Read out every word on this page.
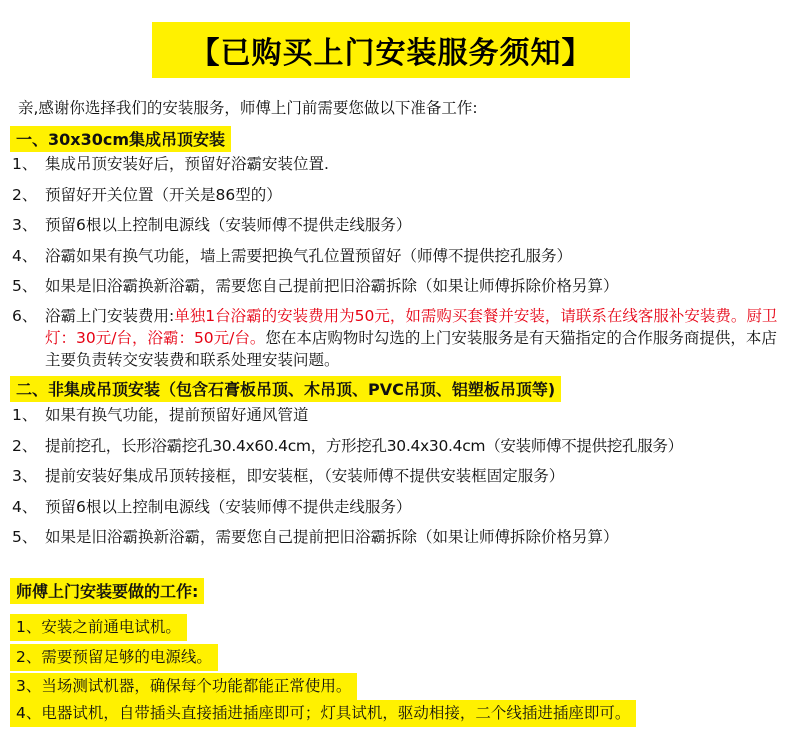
【已购买上门安装服务须知】
亲,感谢你选择我们的安装服务，师傅上门前需要您做以下准备工作:
一、30x30cm集成吊顶安装
1、 集成吊顶安装好后，预留好浴霸安装位置.
2、 预留好开关位置（开关是86型的）
3、 预留6根以上控制电源线（安装师傅不提供走线服务）
4、 浴霸如果有换气功能，墙上需要把换气孔位置预留好（师傅不提供挖孔服务）
5、 如果是旧浴霸换新浴霸，需要您自己提前把旧浴霸拆除（如果让师傅拆除价格另算）
6、 浴霸上门安装费用:单独1台浴霸的安装费用为50元，如需购买套餐并安装，请联系在线客服补安装费。厨卫灯：30元/台，浴霸：50元/台。您在本店购物时勾选的上门安装服务是有天猫指定的合作服务商提供，本店主要负责转交安装费和联系处理安装问题。
二、非集成吊顶安装（包含石膏板吊顶、木吊顶、PVC吊顶、铝塑板吊顶等)
1、 如果有换气功能，提前预留好通风管道
2、 提前挖孔，长形浴霸挖孔30.4x60.4cm，方形挖孔30.4x30.4cm（安装师傅不提供挖孔服务）
3、 提前安装好集成吊顶转接框，即安装框，（安装师傅不提供安装框固定服务）
4、 预留6根以上控制电源线（安装师傅不提供走线服务）
5、 如果是旧浴霸换新浴霸，需要您自己提前把旧浴霸拆除（如果让师傅拆除价格另算）
师傅上门安装要做的工作:
1、安装之前通电试机。
2、需要预留足够的电源线。
3、当场测试机器，确保每个功能都能正常使用。
4、电器试机，自带插头直接插进插座即可；灯具试机，驱动相接，二个线插进插座即可。
